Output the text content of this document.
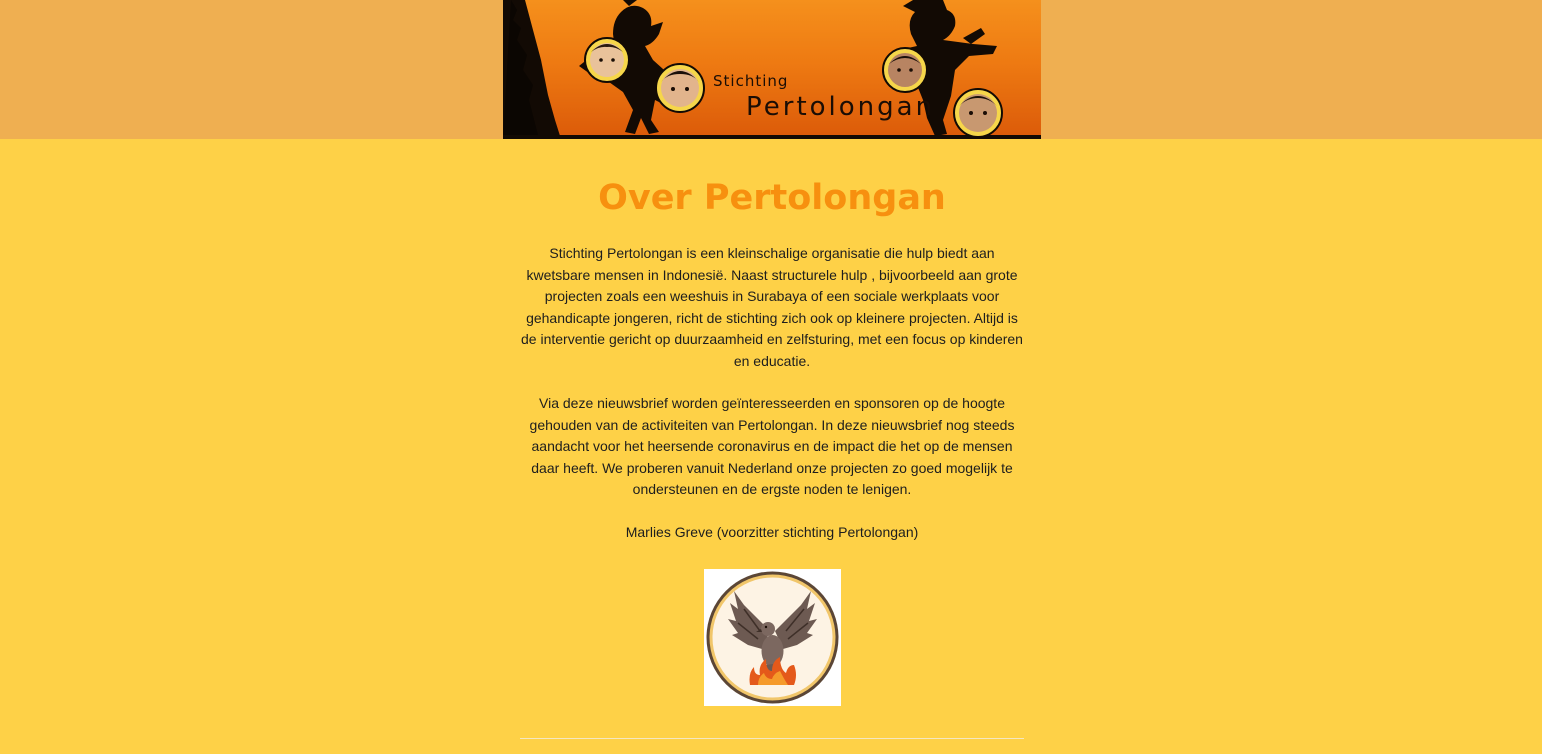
Stichting
Pertolongan
Over Pertolongan

Stichting Pertolongan is een kleinschalige organisatie die hulp biedt aan kwetsbare mensen in Indonesië. Naast structurele hulp , bijvoorbeeld aan grote projecten zoals een weeshuis in Surabaya of een sociale werkplaats voor gehandicapte jongeren, richt de stichting zich ook op kleinere projecten. Altijd is de interventie gericht op duurzaamheid en zelfsturing, met een focus op kinderen en educatie.

Via deze nieuwsbrief worden geïnteresseerden en sponsoren op de hoogte gehouden van de activiteiten van Pertolongan. In deze nieuwsbrief nog steeds aandacht voor het heersende coronavirus en de impact die het op de mensen daar heeft. We proberen vanuit Nederland onze projecten zo goed mogelijk te ondersteunen en de ergste noden te lenigen.

Marlies Greve (voorzitter stichting Pertolongan)
